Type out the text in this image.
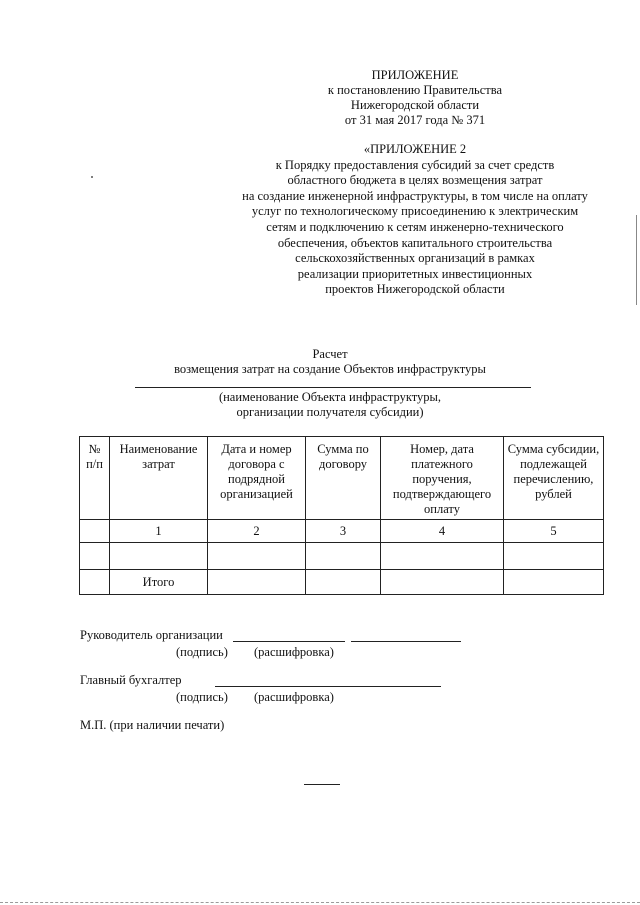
ПРИЛОЖЕНИЕ
к постановлению Правительства
Нижегородской области
от 31 мая 2017 года № 371
«ПРИЛОЖЕНИЕ 2
к Порядку предоставления субсидий за счет средств
областного бюджета в целях возмещения затрат
на создание инженерной инфраструктуры, в том числе на оплату
услуг по технологическому присоединению к электрическим
сетям и подключению к сетям инженерно-технического
обеспечения, объектов капитального строительства
сельскохозяйственных организаций в рамках
реализации приоритетных инвестиционных
проектов Нижегородской области
Расчет
возмещения затрат на создание Объектов инфраструктуры
(наименование Объекта инфраструктуры,
организации получателя субсидии)
№ п/п	Наименование затрат	Дата и номер договора с подрядной организацией	Сумма по договору	Номер, дата платежного поручения, подтверждающего оплату	Сумма субсидии, подлежащей перечислению, рублей
	1	2	3	4	5

	Итого				
Руководитель организации
(подпись) (расшифровка)
Главный бухгалтер
(подпись) (расшифровка)
М.П. (при наличии печати)
